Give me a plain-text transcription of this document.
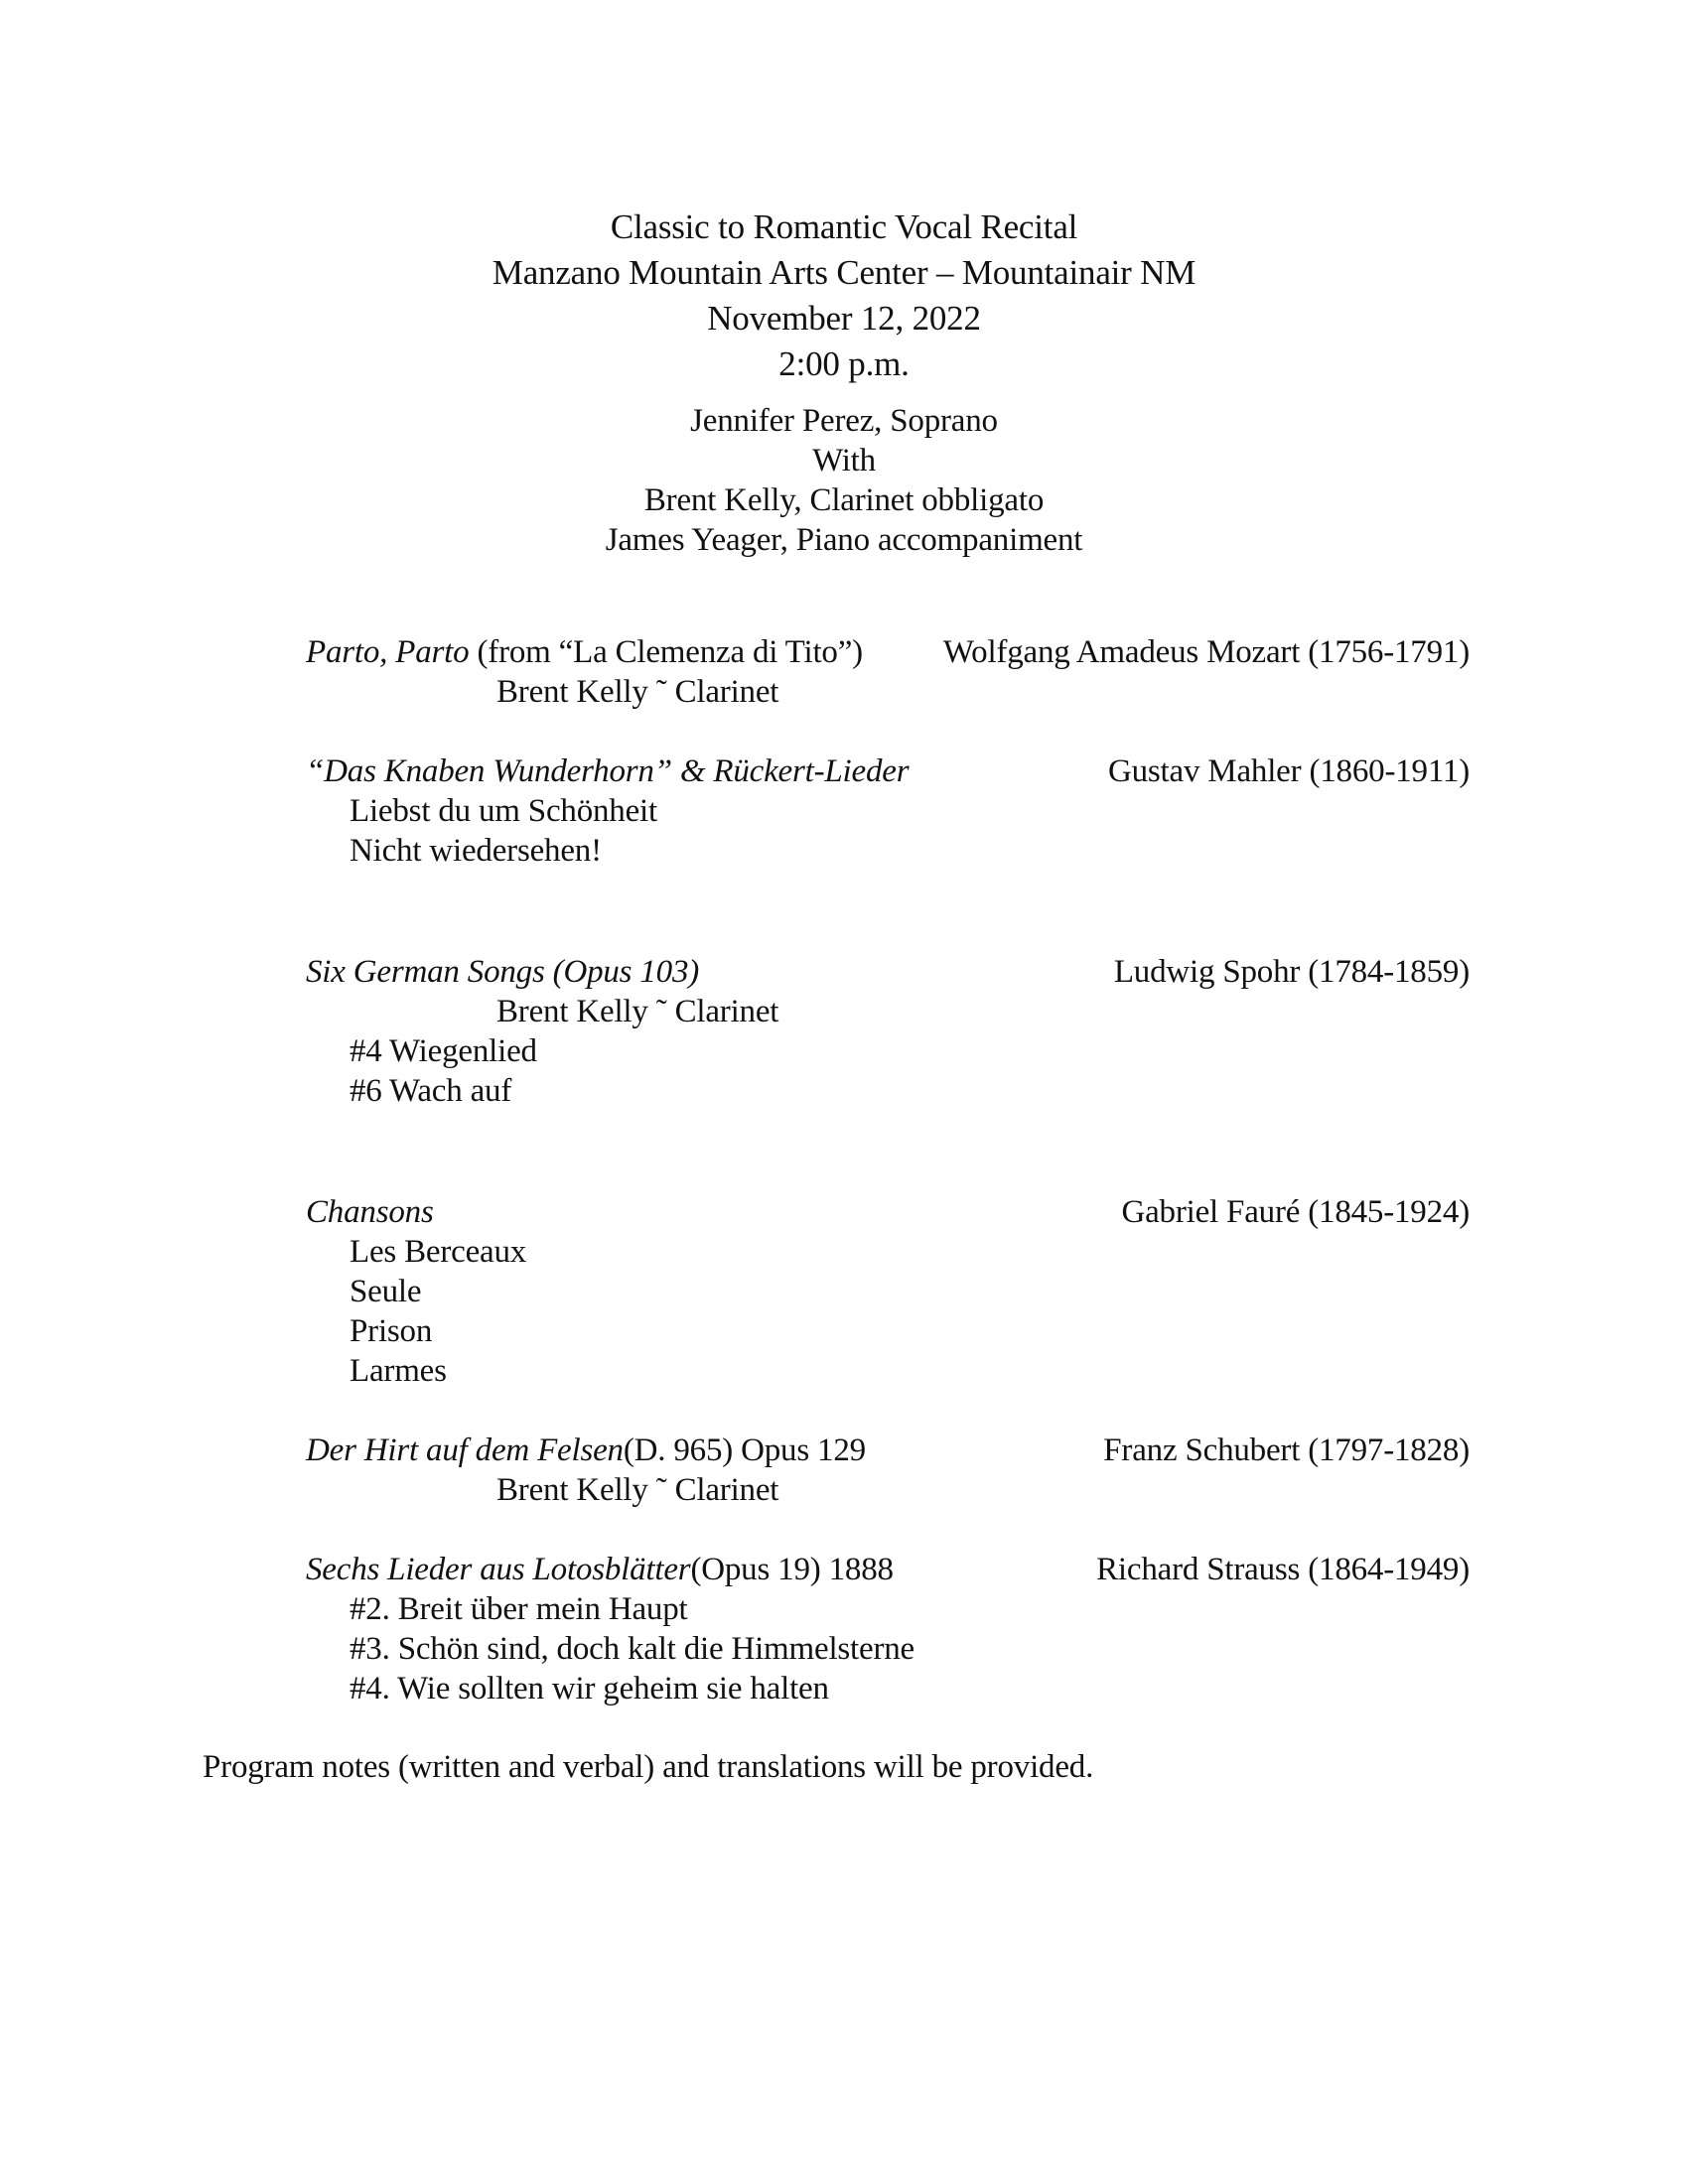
Classic to Romantic Vocal Recital
Manzano Mountain Arts Center – Mountainair NM
November 12, 2022
2:00 p.m.
Jennifer Perez, Soprano
With
Brent Kelly, Clarinet obbligato
James Yeager, Piano accompaniment
Parto, Parto (from “La Clemenza di Tito”)	Wolfgang Amadeus Mozart (1756-1791)
Brent Kelly ˜ Clarinet
“Das Knaben Wunderhorn” & Rückert-Lieder	Gustav Mahler (1860-1911)
Liebst du um Schönheit
Nicht wiedersehen!
Six German Songs (Opus 103)	Ludwig Spohr (1784-1859)
Brent Kelly ˜ Clarinet
#4 Wiegenlied
#6 Wach auf
Chansons	Gabriel Fauré (1845-1924)
Les Berceaux
Seule
Prison
Larmes
Der Hirt auf dem Felsen(D. 965) Opus 129	Franz Schubert (1797-1828)
Brent Kelly ˜ Clarinet
Sechs Lieder aus Lotosblätter(Opus 19) 1888	Richard Strauss (1864-1949)
#2. Breit über mein Haupt
#3. Schön sind, doch kalt die Himmelsterne
#4. Wie sollten wir geheim sie halten
Program notes (written and verbal) and translations will be provided.
